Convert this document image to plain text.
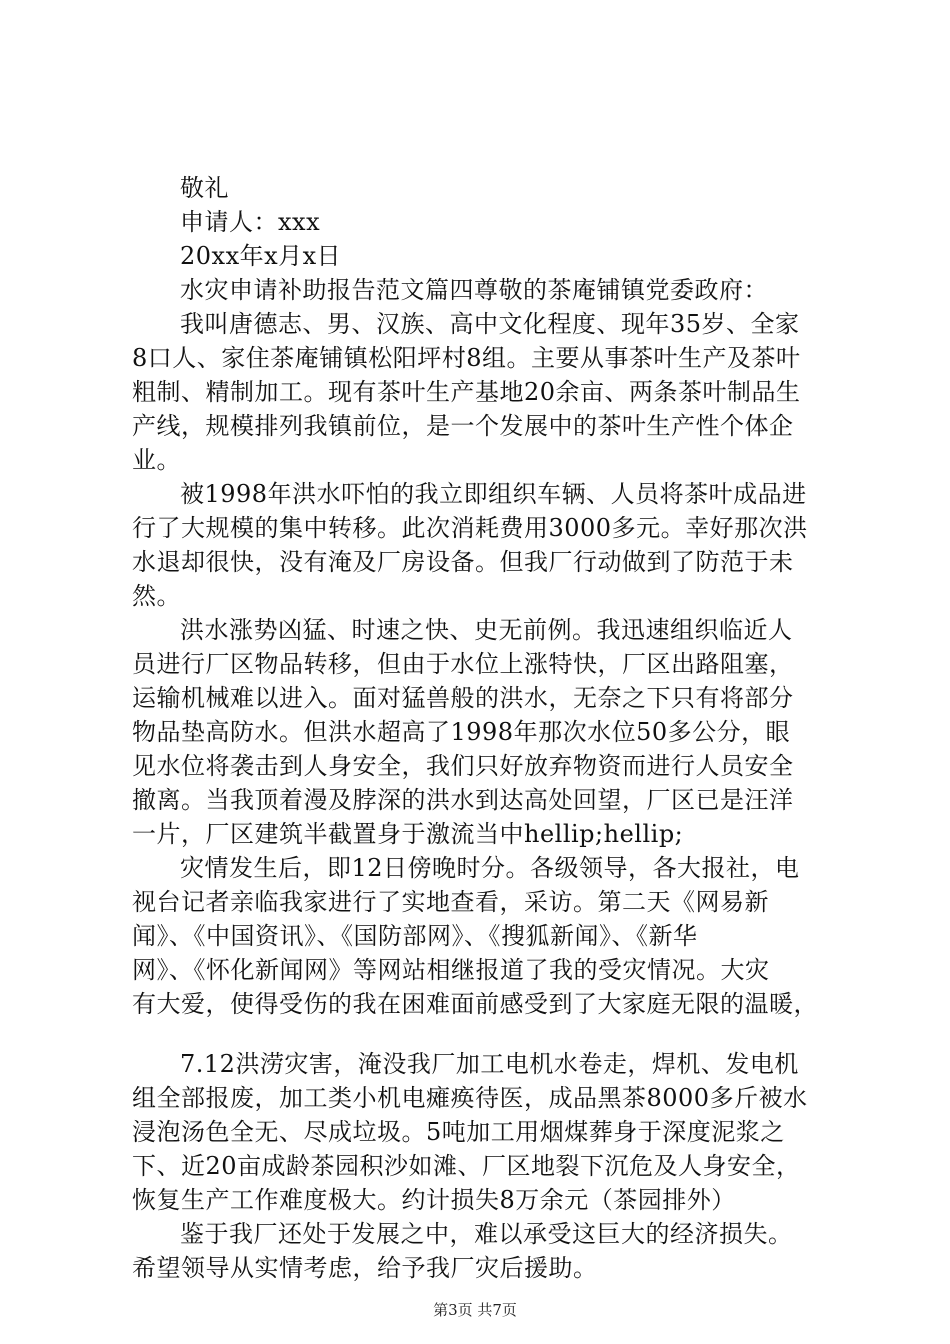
敬礼
申请人：xxx
20xx年x月x日
水灾申请补助报告范文篇四尊敬的茶庵铺镇党委政府：
我叫唐德志、男、汉族、高中文化程度、现年35岁、全家
8口人、家住茶庵铺镇松阳坪村8组。主要从事茶叶生产及茶叶
粗制、精制加工。现有茶叶生产基地20余亩、两条茶叶制品生
产线，规模排列我镇前位，是一个发展中的茶叶生产性个体企
业。
被1998年洪水吓怕的我立即组织车辆、人员将茶叶成品进
行了大规模的集中转移。此次消耗费用3000多元。幸好那次洪
水退却很快，没有淹及厂房设备。但我厂行动做到了防范于未
然。
洪水涨势凶猛、时速之快、史无前例。我迅速组织临近人
员进行厂区物品转移，但由于水位上涨特快，厂区出路阻塞，
运输机械难以进入。面对猛兽般的洪水，无奈之下只有将部分
物品垫高防水。但洪水超高了1998年那次水位50多公分，眼
见水位将袭击到人身安全，我们只好放弃物资而进行人员安全
撤离。当我顶着漫及脖深的洪水到达高处回望，厂区已是汪洋
一片，厂区建筑半截置身于激流当中hellip;hellip;
灾情发生后，即12日傍晚时分。各级领导，各大报社，电
视台记者亲临我家进行了实地查看，采访。第二天《网易新
闻》、《中国资讯》、《国防部网》、《搜狐新闻》、《新华
网》、《怀化新闻网》等网站相继报道了我的受灾情况。大灾
有大爱，使得受伤的我在困难面前感受到了大家庭无限的温暖，
7.12洪涝灾害，淹没我厂加工电机水卷走，焊机、发电机
组全部报废，加工类小机电瘫痪待医，成品黑茶8000多斤被水
浸泡汤色全无、尽成垃圾。5吨加工用烟煤葬身于深度泥浆之
下、近20亩成龄茶园积沙如滩、厂区地裂下沉危及人身安全，
恢复生产工作难度极大。约计损失8万余元（茶园排外）
鉴于我厂还处于发展之中，难以承受这巨大的经济损失。
希望领导从实情考虑，给予我厂灾后援助。
第3页 共7页
